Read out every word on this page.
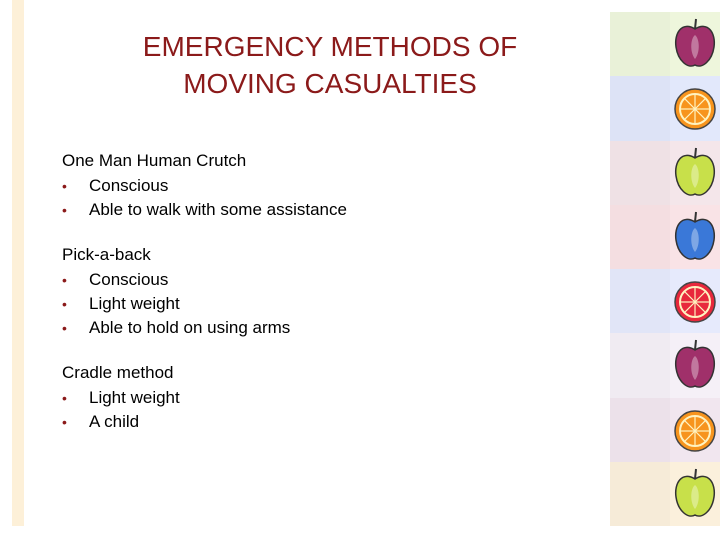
EMERGENCY METHODS OF
MOVING CASUALTIES
One Man Human Crutch
• Conscious
• Able to walk with some assistance
Pick-a-back
• Conscious
• Light weight
• Able to hold on using arms
Cradle method
• Light weight
• A child
